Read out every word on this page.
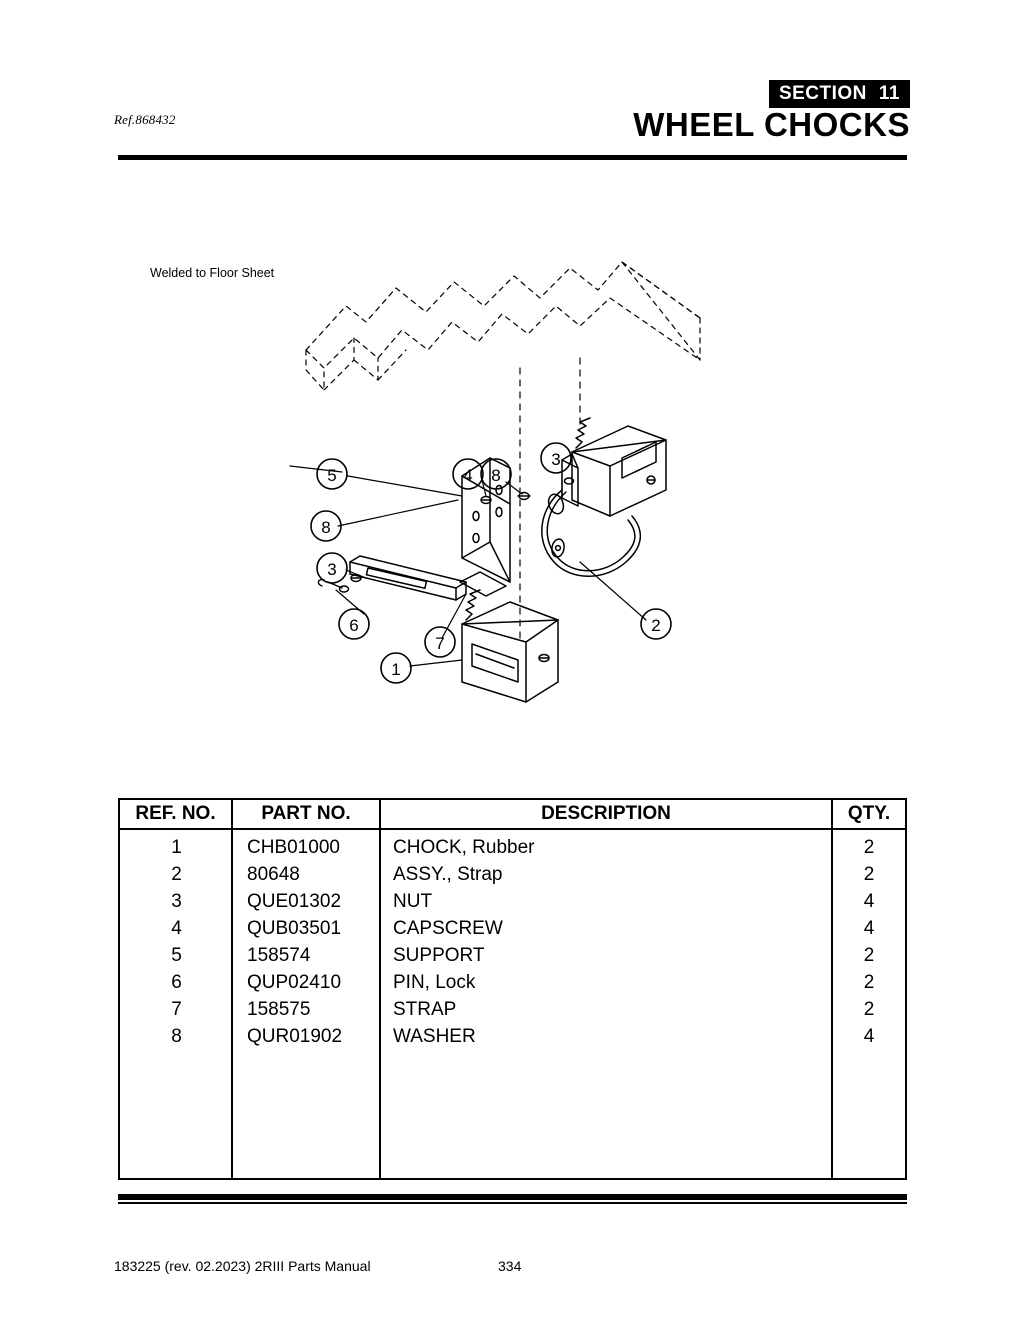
Ref.868432
SECTION 11
WHEEL CHOCKS
5
8
3
6
1
7
4 8
3
2
Welded to Floor Sheet
REF. NO.	PART NO.	DESCRIPTION	QTY.
1	CHB01000	CHOCK, Rubber	2
2	80648	ASSY., Strap	2
3	QUE01302	NUT	4
4	QUB03501	CAPSCREW	4
5	158574	SUPPORT	2
6	QUP02410	PIN, Lock	2
7	158575	STRAP	2
8	QUR01902	WASHER	4
183225 (rev. 02.2023) 2RIII Parts Manual	334
